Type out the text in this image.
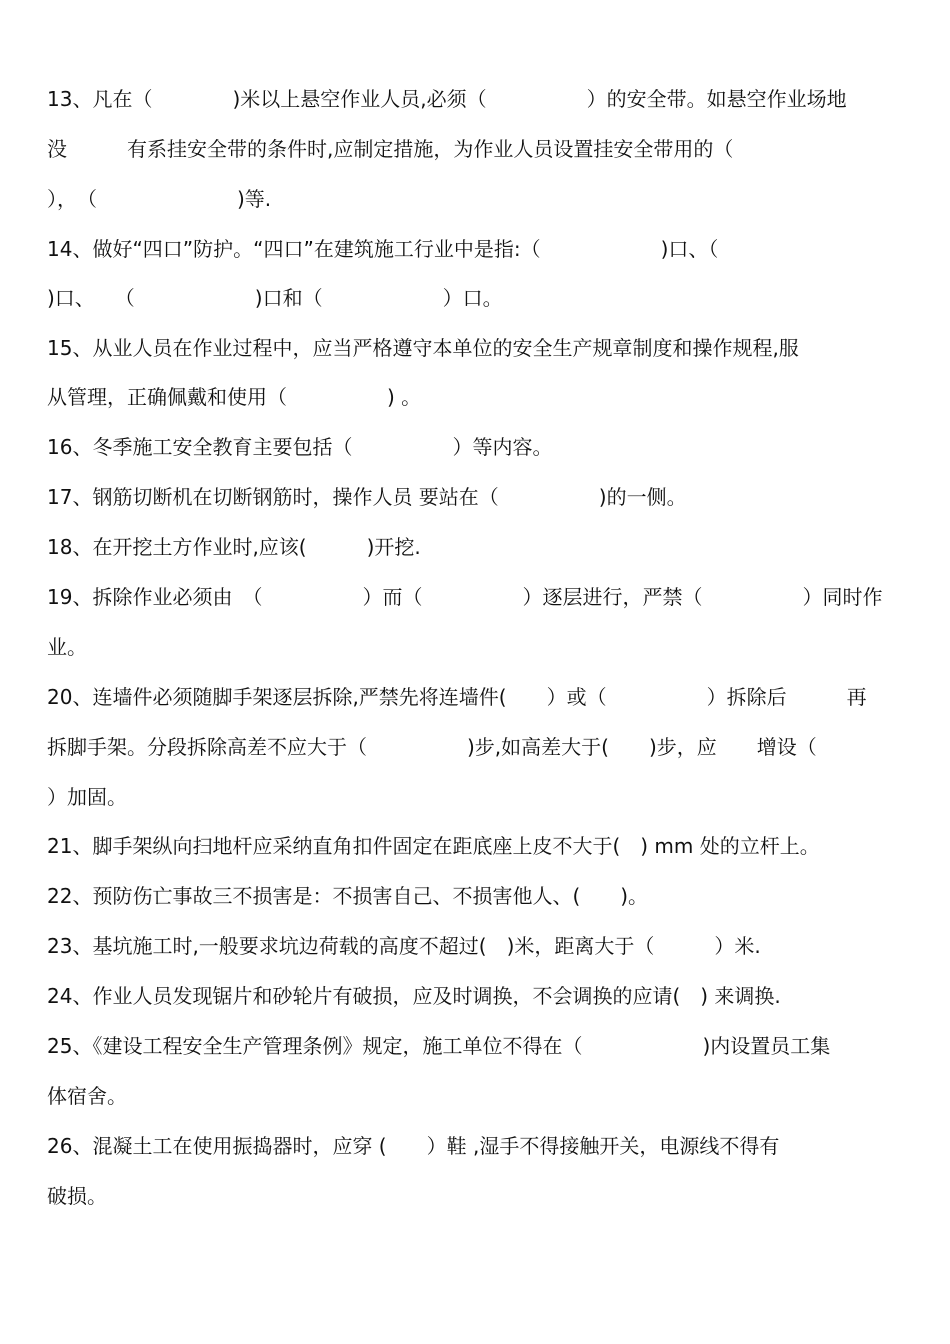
13、凡在（　　　　)米以上悬空作业人员,必须（　　　　　）的安全带。如悬空作业场地
没　　　有系挂安全带的条件时,应制定措施，为作业人员设置挂安全带用的（
），　（　　　　　　　)等.
14、做好“四口”防护。“四口”在建筑施工行业中是指:（　　　　　　)口、（
)口、　　（　　　　　　)口和（　　　　　　）口。
15、从业人员在作业过程中，应当严格遵守本单位的安全生产规章制度和操作规程,服
从管理，正确佩戴和使用（　　　　　) 。
16、冬季施工安全教育主要包括（　　　　　）等内容。
17、钢筋切断机在切断钢筋时，操作人员 要站在（　　　　　)的一侧。
18、在开挖土方作业时,应该(　　　)开挖.
19、拆除作业必须由　（　　　　　）而（　　　　　）逐层进行，严禁（　　　　　）同时作
业。
20、连墙件必须随脚手架逐层拆除,严禁先将连墙件(　　）或（　　　　　）拆除后　　　再
拆脚手架。分段拆除高差不应大于（　　　　　)步,如高差大于(　　)步，应　　增设（
）加固。
21、脚手架纵向扫地杆应采纳直角扣件固定在距底座上皮不大于(　) mm 处的立杆上。
22、预防伤亡事故三不损害是：不损害自己、不损害他人、(　　)。
23、基坑施工时,一般要求坑边荷载的高度不超过(　)米，距离大于（　　　）米.
24、作业人员发现锯片和砂轮片有破损，应及时调换，不会调换的应请(　) 来调换.
25、《建设工程安全生产管理条例》规定，施工单位不得在（　　　　　　)内设置员工集
体宿舍。
26、混凝土工在使用振捣器时，应穿 (　　）鞋 ,湿手不得接触开关，电源线不得有
破损。
